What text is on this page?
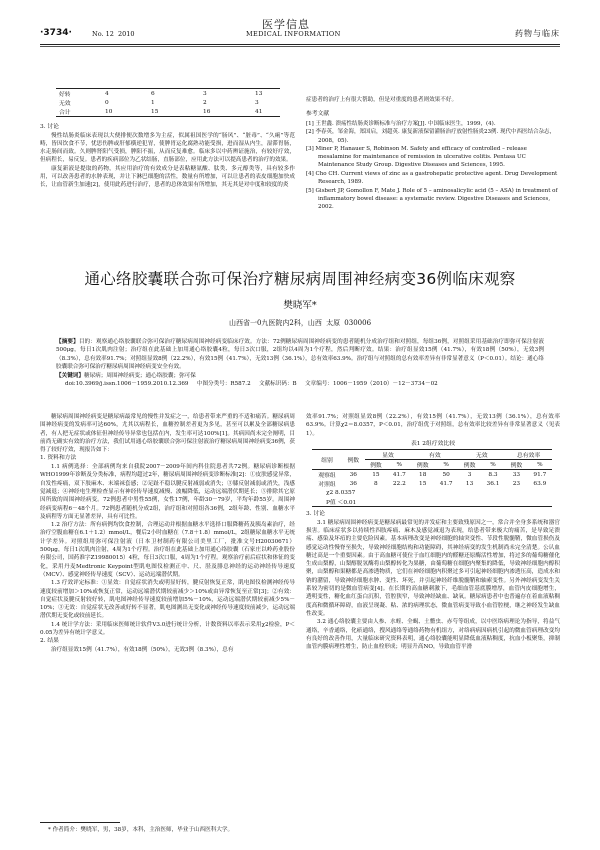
·3734·	No. 12 2010
医学信息
MEDICAL INFORMATION	药物与临床
好转	4	6	3	13
无效	0	1	2	3
合计	10	15	16	41
3. 讨论

慢性结肠炎临床表现以大便排便次数增多为主症，似属祖国医学的“肠风”、“脏毒”、“久痢”等范畴，皆因饮食不节，忧思伤脾或肝郁横逆犯胃，使脾胃运化腐熟功能受损，进而湿从内生，湿滞胃肠，水走肠间而致。久则脾肾阳气受损，脾阳不振，从而反复难愈。临床多以中药辨证施治，有较好疗效，但病程长，易反复。患者的疾病部位为乙状结肠，直肠部位，应用此方法可以提高患者的治疗的效果。

康复新液是提取的药物，其应用治疗的有效成分是表粘糖氨酸、肽类、多元醇类等，具有较多作用，可以改善患者的水肿表现，并让下淋巴细胞的活性，数量有所增加，可以让患者的表皮细胞加快成长，让血管新生加速[2]，使用此药进行治疗，患者的总体效果有所增加，其无其是对中度和较度的炎

症患者的治疗上有很大帮助，但是对重度的患者则效果不好。

参考文献
[1] 王世鑫. 溃疡性结肠炎诊断标准与治疗方案[J]. 中国临床医生，1999，(4).
[2] 李春英，邹金海，郑国启，刘超英. 康复新液保留灌肠治疗放射性肠炎23例. 现代中西医结合杂志，2008，05).
[3] Miner P, Hanauer S, Robinson M. Safety and efficacy of controlled – release mesalamine for maintenance of remission in ulcerative colitis. Pentasa UC Maintenance Study Group. Digestive Diseases and Sciences, 1995.
[4] Cho CH. Current views of zinc as a gastrohepatic protective agent. Drug Development Research, 1989.
[5] Gisbert JP, Gomollon F, Mate J. Role of 5 – aminosalicylic acid (5 – ASA) in treatment of inflammatory bowel disease: a systematic review. Digestive Diseases and Sciences, 2002.
通心络胶囊联合弥可保治疗糖尿病周围神经病变36例临床观察
樊晓军*
山西省一0九医院内2科，山西 太原 030006

【摘要】目的：观察通心络胶囊联合弥可保治疗糖尿病周围神经病变临床疗效。方法：72例糖尿病周围神经病变的患者随机分成治疗组和对照组，每组36例，对照组采用基础治疗即弥可保注射液500μg，每日1次肌肉注射；治疗组在此基础上加用通心络胶囊4粒，每日3次口服，2组均以4周为1个疗程，然后判断疗效。结果：治疗组显效15例（41.7%），有效18例（50%），无效3例（8.3%），总有效率91.7%；对照组显效8例（22.2%），有效15例（41.7%），无效13例（36.1%），总有效率63.9%。治疗组与对照组的总有效率差异有非常显著意义（P＜0.01）。结论：通心络胶囊联合弥可保治疗糖尿病周围神经病变安全有效。

【关键词】糖尿病；周围神经病变；通心络胶囊；弥可保

doi:10.3969/j.issn.1006－1959.2010.12.369 中图分类号：R587.2 文献标识码：B 文章编号：1006－1959（2010）－12－3734－02

糖尿病周围神经病变是糖尿病最常见的慢性并发症之一，给患者带来严重的不适和痛苦。糖尿病周围神经病变的发病率可达60%，尤其以病程长，血糖控制差者更为多见，甚至可以累及全部糖尿病患者，有人把无症状或体征但神经传导异常也包括在内，发生率可达100%[1]。其病因尚未完全阐明，目前尚无确实有效的治疗方法，我们试用通心络胶囊联合弥可保注射液治疗糖尿病周围神经病变36例，获得了较好疗效，现报告如下：

1. 资料和方法

1.1 病例选择：全部病例均来自我院2007－2009年间内科住院患者共72例。糖尿病诊断根据WHO1999年诊断及分类标准，病程均超过2年，糖尿病周围神经病变诊断标准[2]：①皮肤感觉异常，自发性疼痛，双下肢麻木、末端袜套感；②足趾不稳以腱反射减弱或消失；③膝反射减弱或消失，浅感觉减退；④神经电生理检查显示有神经传导速度减慢、波幅降低，运动远端潜伏期延长；⑤排除其它原因所致的周围神经病变。72例患者中男性55例，女性17例，年龄30－79岁，平均年龄55岁。周围神经病变病程6－48个月。72例患者随机分成2组，治疗组和对照组各36例，2组年龄、性别、血糖水平及病程等方面无显著差异，具有可比性。

1.2 治疗方法：所有病例均饮食控制，合理运动并根据血糖水平选择口服降糖药及胰岛素治疗，经治疗空腹血糖在6.1＋1.2）mmol/L，餐后2小时血糖在（7.8＋1.8）mmol/L，2组糖尿血糖水平无统计学差异。对照组用弥可保注射液（日本卫材制药有限公司美里工厂，批准文号H20030671）500μg，每日1次肌肉注射，4周为1个疗程。治疗组在此基础上加用通心络胶囊（石家庄以岭药业股份有限公司，国药准字Z19980015）4粒，每日3次口服，4周为1个疗程。观察治疗前后症状和体征的变化，采用丹麦Medtronic Keypoint型肌电图仪检测正中、尺、胫及腓总神经的运动神经传导速度（MCV）、感觉神经传导速度（SCV）、运动远端潜伏期。

1.3 疗效评定标准：①显效：自觉症状消失或明显好转，腱反射恢复正常，肌电图仪检测神经传导速度较前增加＞10%或恢复正常，运动远端潜伏期较前减少＞10%或由异常恢复至正常[3]；②有效：自觉症状及腱反射较好转，肌电图神经传导速度较前增加5%－10%，运动远端潜伏期较前减少5%－10%；③无效：自觉症状无改善或好转不显著，肌电图测出无变化或神经传导速度较前减少，运动远端潜伏期无变化或较前延长。

1.4 统计学方法：采用临床医师统计软件V3.0进行统计分析，计数资料以率表示采用χ2检验，P＜0.05为差异有统计学意义。

2. 结果

治疗组显效15例（41.7%），有效18例（50%），无效3例（8.3%），总有

* 作者简介：樊晓军，男，38岁，本科，主治医师，毕业于山西医科大学。

效率91.7%；对照组显效8例（22.2%），有效15例（41.7%），无效13例（36.1%），总有效率63.9%。计算χ2＝8.0357，P＜0.01，治疗组优于对照组，总有效率比较差异有非常显著意义（见表1）。

表1 2组疗效比较
组别	例数	显效		有效		无效		总有效率	
		例数	%	例数	%	例数	%	例数	%
观察组	36	15	41.7	18	50	3	8.3	33	91.7
对照组	36	8	22.2	15	41.7	13	36.1	23	63.9
χ2 8.0357									
P值 ＜0.01									
3. 讨论

3.1 糖尿病周围神经病变是糖尿病最常见的并发症和主要致残原因之一，常合并全身多系统和器官损害。临床症状多以持续性四肢疼痛、麻木及感觉减退为表现，给患者带来极大的痛苦，是导致足溃疡、感染及坏疽的主要危险因素。基本病理改变是神经细胞的轴突变性、节段性脱髓鞘，微血管损伤及感觉运动性慢脊至损失，导致神经细胞结构和功能障碍，其神经病变的发生机制尚未完全清楚。公认血糖过高是一个重要因素。由于高血糖可使位于血红细胞内的醛糖还原酶活性增加，将过多的葡萄糖催化生成山梨醇，山梨醇脱氢酶将山梨醇转化为果糖，由葡萄糖在细胞内聚集的降低，导致神经细胞内醇积聚，山梨醇和果糖都是高渗透物质，它们在神经细胞内积聚过多可引起神经细胞内渗透压高，造成水和钠的潴留，导致神经细胞水肿、变性、坏死，并引起神经纤维脱髓鞘和轴索变性。另外神经病变发生关系较为密切的是微血管病变[4]。在长期的高血糖刺激下，毛细血管基底膜增厚，血管内皮细胞增生，透明变性，糖化血红蛋白沉积，管腔狭窄，导致神经缺血、缺氧。糖尿病患者中也普遍存在着血液粘稠度高和微循环障碍，血液呈现凝、粘、浓的病理状态，微血管病变导致小血管腔梗，继之神经发生缺血性改变。

3.2 通心络胶囊主要由人参、水蛭、全蝎、土鳖虫、赤芍等组成，以中医络病理论为指导，将益气通络，辛香通络，化瘀通络，搜风通络等通络药物有机组方，对络病病因病机引起的微血管病理改变均有良好的改善作用，大量临床研究资料表明，通心络胶囊能明显降低血液粘稠度，抗血小板聚集，抑制血管内膜病理性增生，防止血栓形成；明显升高NO，导致血管平滑
